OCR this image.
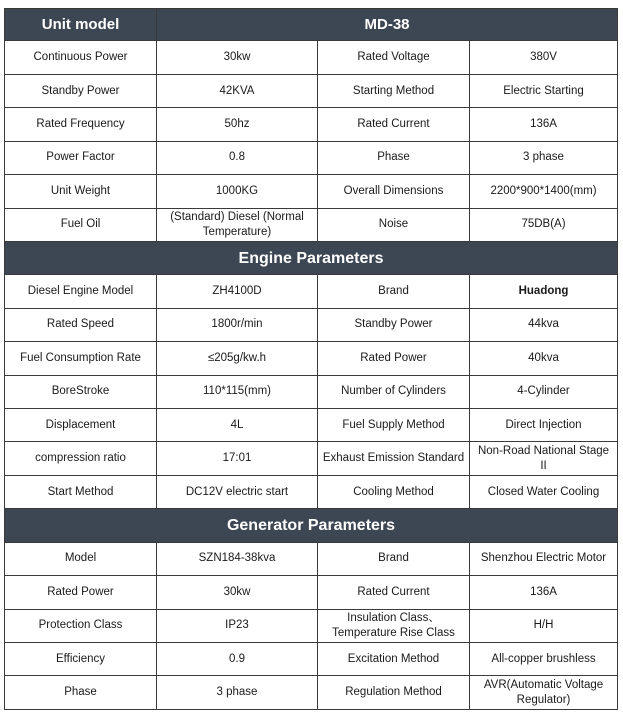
Unit model	MD-38		
Continuous Power	30kw	Rated Voltage	380V
Standby Power	42KVA	Starting Method	Electric Starting
Rated Frequency	50hz	Rated Current	136A
Power Factor	0.8	Phase	3 phase
Unit Weight	1000KG	Overall Dimensions	2200*900*1400(mm)
Fuel Oil	(Standard) Diesel (Normal Temperature)	Noise	75DB(A)
Engine Parameters			
Diesel Engine Model	ZH4100D	Brand	Huadong
Rated Speed	1800r/min	Standby Power	44kva
Fuel Consumption Rate	≤205g/kw.h	Rated Power	40kva
BoreStroke	110*115(mm)	Number of Cylinders	4-Cylinder
Displacement	4L	Fuel Supply Method	Direct Injection
compression ratio	17:01	Exhaust Emission Standard	Non-Road National Stage II
Start Method	DC12V electric start	Cooling Method	Closed Water Cooling
Generator Parameters			
Model	SZN184-38kva	Brand	Shenzhou Electric Motor
Rated Power	30kw	Rated Current	136A
Protection Class	IP23	Insulation Class、Temperature Rise Class	H/H
Efficiency	0.9	Excitation Method	All-copper brushless
Phase	3 phase	Regulation Method	AVR(Automatic Voltage Regulator)
